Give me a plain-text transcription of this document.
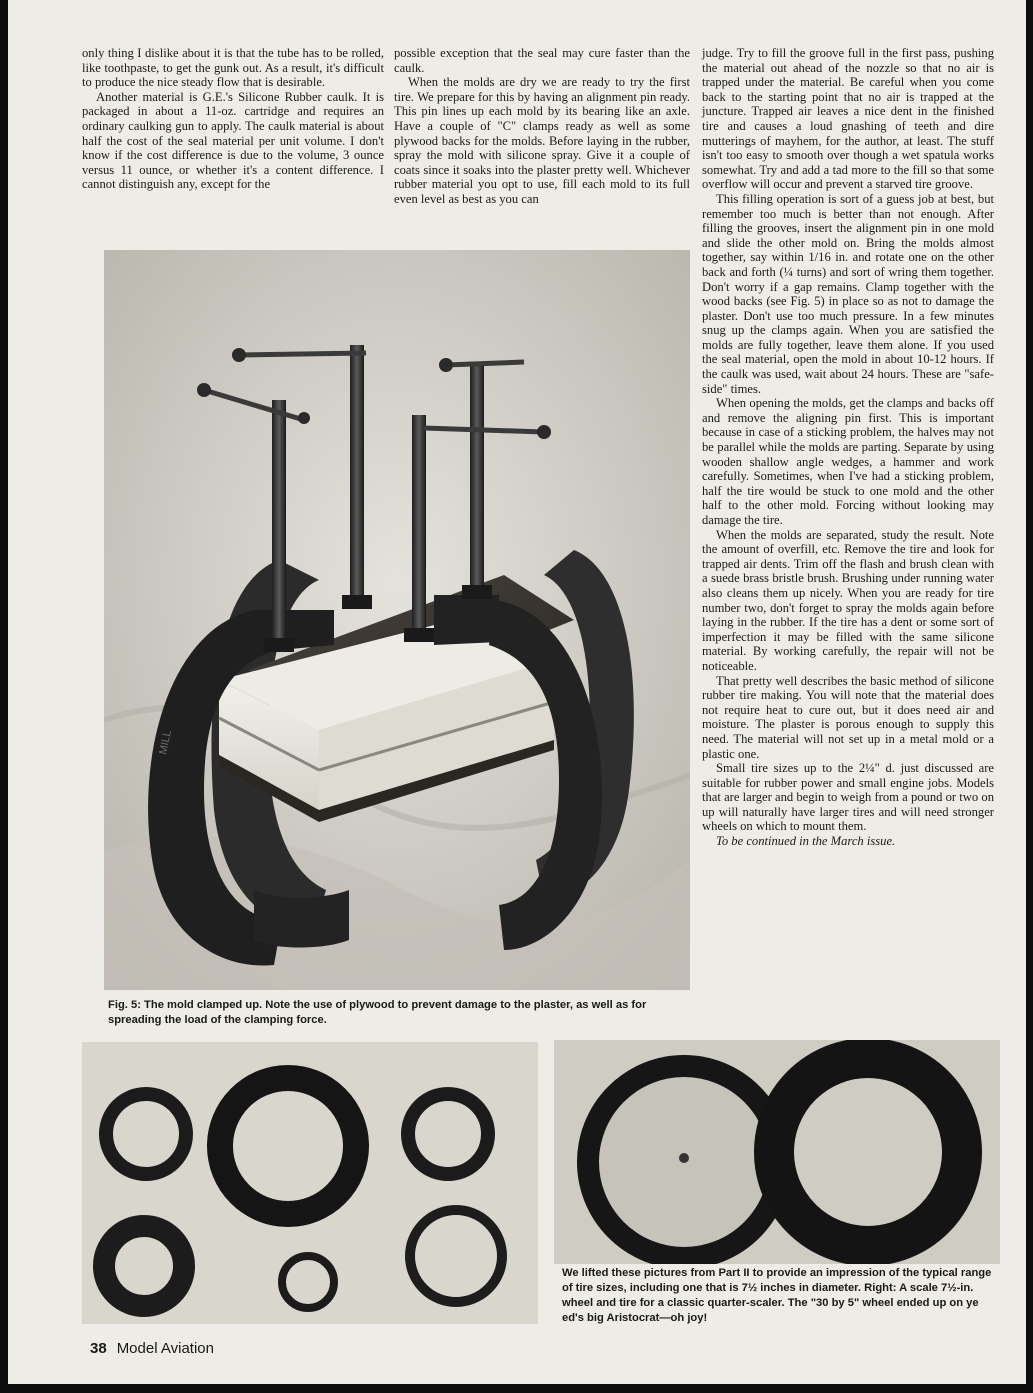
only thing I dislike about it is that the tube has to be rolled, like toothpaste, to get the gunk out. As a result, it's difficult to produce the nice steady flow that is desirable.

Another material is G.E.'s Silicone Rubber caulk. It is packaged in about a 11-oz. cartridge and requires an ordinary caulking gun to apply. The caulk material is about half the cost of the seal material per unit volume. I don't know if the cost difference is due to the volume, 3 ounce versus 11 ounce, or whether it's a content difference. I cannot distinguish any, except for the

possible exception that the seal may cure faster than the caulk.

When the molds are dry we are ready to try the first tire. We prepare for this by having an alignment pin ready. This pin lines up each mold by its bearing like an axle. Have a couple of "C" clamps ready as well as some plywood backs for the molds. Before laying in the rubber, spray the mold with silicone spray. Give it a couple of coats since it soaks into the plaster pretty well. Whichever rubber material you opt to use, fill each mold to its full even level as best as you can

judge. Try to fill the groove full in the first pass, pushing the material out ahead of the nozzle so that no air is trapped under the material. Be careful when you come back to the starting point that no air is trapped at the juncture. Trapped air leaves a nice dent in the finished tire and causes a loud gnashing of teeth and dire mutterings of mayhem, for the author, at least. The stuff isn't too easy to smooth over though a wet spatula works somewhat. Try and add a tad more to the fill so that some overflow will occur and prevent a starved tire groove.

This filling operation is sort of a guess job at best, but remember too much is better than not enough. After filling the grooves, insert the alignment pin in one mold and slide the other mold on. Bring the molds almost together, say within 1/16 in. and rotate one on the other back and forth (¼ turns) and sort of wring them together. Don't worry if a gap remains. Clamp together with the wood backs (see Fig. 5) in place so as not to damage the plaster. Don't use too much pressure. In a few minutes snug up the clamps again. When you are satisfied the molds are fully together, leave them alone. If you used the seal material, open the mold in about 10-12 hours. If the caulk was used, wait about 24 hours. These are "safe-side" times.

When opening the molds, get the clamps and backs off and remove the aligning pin first. This is important because in case of a sticking problem, the halves may not be parallel while the molds are parting. Separate by using wooden shallow angle wedges, a hammer and work carefully. Sometimes, when I've had a sticking problem, half the tire would be stuck to one mold and the other half to the other mold. Forcing without looking may damage the tire.

When the molds are separated, study the result. Note the amount of overfill, etc. Remove the tire and look for trapped air dents. Trim off the flash and brush clean with a suede brass bristle brush. Brushing under running water also cleans them up nicely. When you are ready for tire number two, don't forget to spray the molds again before laying in the rubber. If the tire has a dent or some sort of imperfection it may be filled with the same silicone material. By working carefully, the repair will not be noticeable.

That pretty well describes the basic method of silicone rubber tire making. You will note that the material does not require heat to cure out, but it does need air and moisture. The plaster is porous enough to supply this need. The material will not set up in a metal mold or a plastic one.

Small tire sizes up to the 2¼" d. just discussed are suitable for rubber power and small engine jobs. Models that are larger and begin to weigh from a pound or two on up will naturally have larger tires and will need stronger wheels on which to mount them.

To be continued in the March issue.

MILL
Fig. 5: The mold clamped up. Note the use of plywood to prevent damage to the plaster, as well as for spreading the load of the clamping force.
We lifted these pictures from Part II to provide an impression of the typical range of tire sizes, including one that is 7½ inches in diameter. Right: A scale 7½-in. wheel and tire for a classic quarter-scaler. The "30 by 5" wheel ended up on ye ed's big Aristocrat—oh joy!
38 Model Aviation
